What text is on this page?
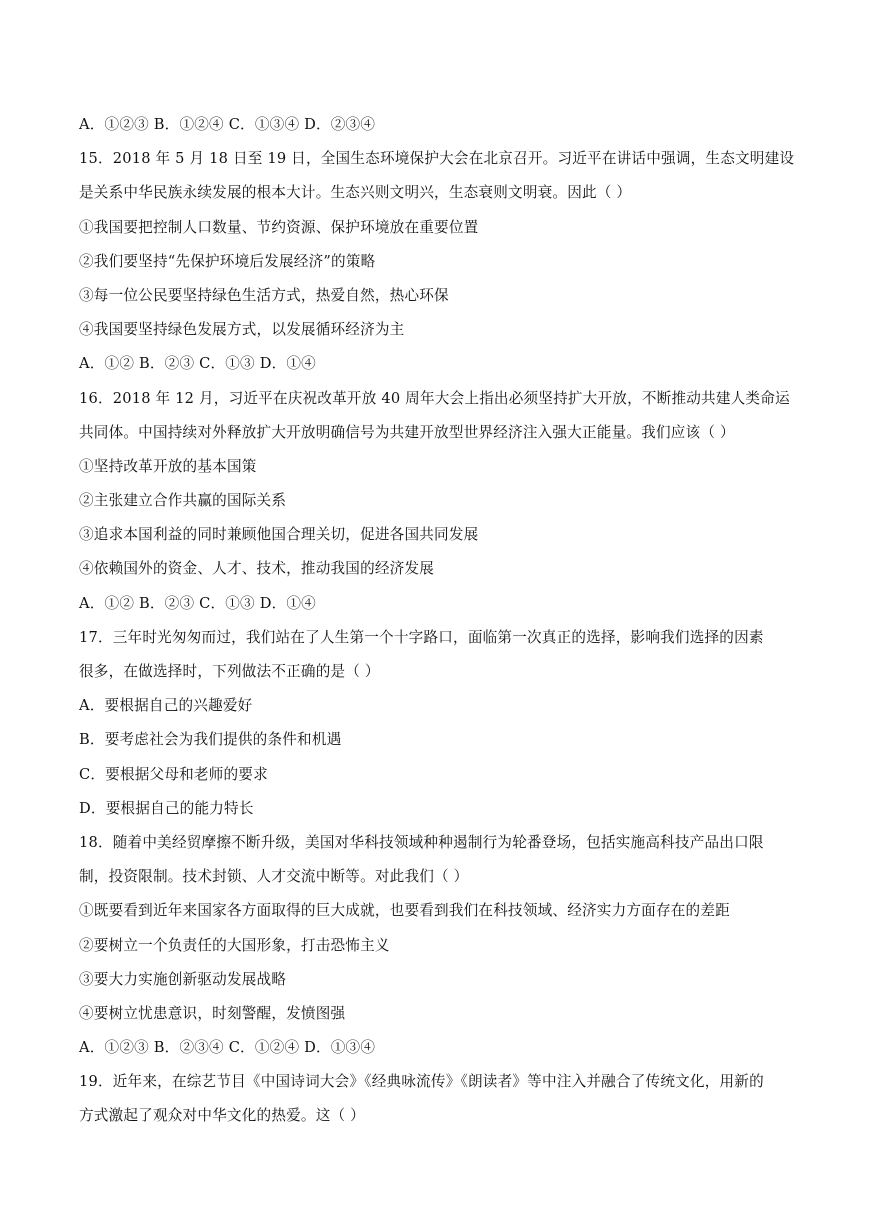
A．①②③ B．①②④ C．①③④ D．②③④
15．2018 年 5 月 18 日至 19 日，全国生态环境保护大会在北京召开。习近平在讲话中强调，生态文明建设
是关系中华民族永续发展的根本大计。生态兴则文明兴，生态衰则文明衰。因此（ ）
①我国要把控制人口数量、节约资源、保护环境放在重要位置
②我们要坚持“先保护环境后发展经济”的策略
③每一位公民要坚持绿色生活方式，热爱自然，热心环保
④我国要坚持绿色发展方式，以发展循环经济为主
A．①② B．②③ C．①③ D．①④
16．2018 年 12 月，习近平在庆祝改革开放 40 周年大会上指出必须坚持扩大开放，不断推动共建人类命运
共同体。中国持续对外释放扩大开放明确信号为共建开放型世界经济注入强大正能量。我们应该（ ）
①坚持改革开放的基本国策
②主张建立合作共赢的国际关系
③追求本国利益的同时兼顾他国合理关切，促进各国共同发展
④依赖国外的资金、人才、技术，推动我国的经济发展
A．①② B．②③ C．①③ D．①④
17．三年时光匆匆而过，我们站在了人生第一个十字路口，面临第一次真正的选择，影响我们选择的因素
很多，在做选择时，下列做法不正确的是（ ）
A．要根据自己的兴趣爱好
B．要考虑社会为我们提供的条件和机遇
C．要根据父母和老师的要求
D．要根据自己的能力特长
18．随着中美经贸摩擦不断升级，美国对华科技领域种种遏制行为轮番登场，包括实施高科技产品出口限
制，投资限制。技术封锁、人才交流中断等。对此我们（ ）
①既要看到近年来国家各方面取得的巨大成就，也要看到我们在科技领域、经济实力方面存在的差距
②要树立一个负责任的大国形象，打击恐怖主义
③要大力实施创新驱动发展战略
④要树立忧患意识，时刻警醒，发愤图强
A．①②③ B．②③④ C．①②④ D．①③④
19．近年来，在综艺节目《中国诗词大会》《经典咏流传》《朗读者》等中注入并融合了传统文化，用新的
方式激起了观众对中华文化的热爱。这（ ）
